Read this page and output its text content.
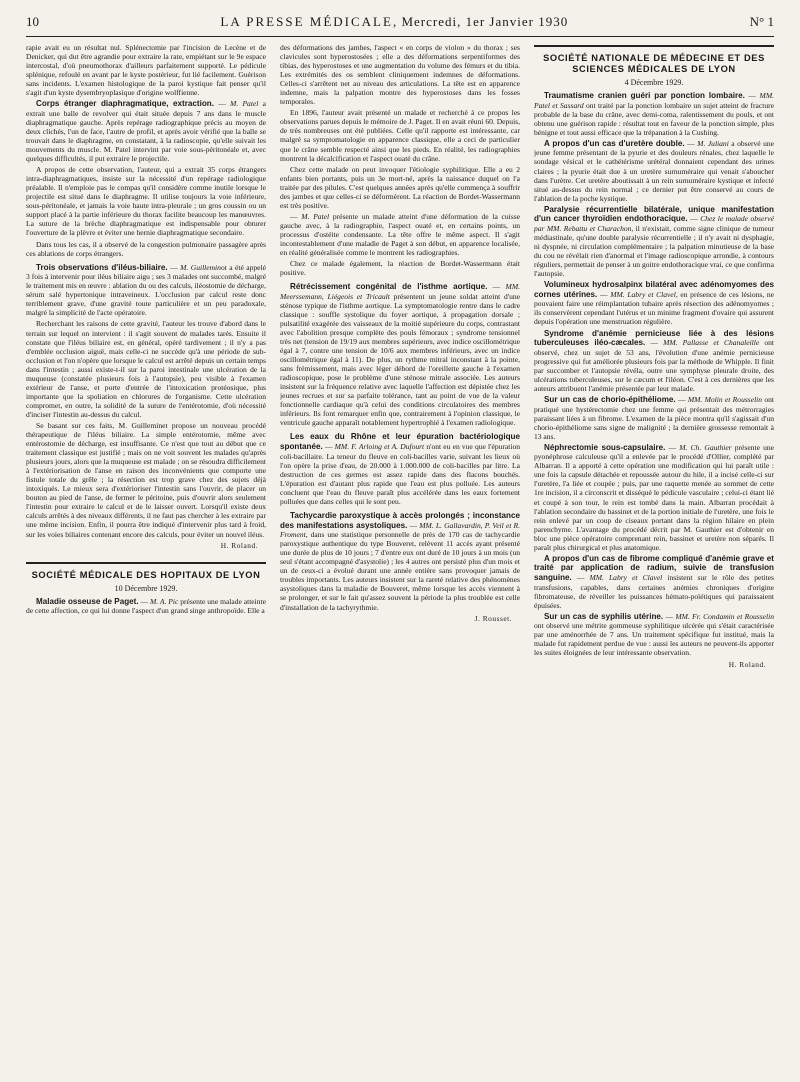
10	LA PRESSE MÉDICALE, Mercredi, 1er Janvier 1930	N° 1

rapie avait eu un résultat nul. Splénectomie par l'incision de Lecène et de Denicker, qui dut être agrandie pour extraire la rate, empiétant sur le 9e espace intercostal, d'où pneumothorax d'ailleurs parfaitement supporté. Le pédicule splénique, refoulé en avant par le kyste postérieur, fut lié facilement. Guérison sans incidents. L'examen histologique de la paroi kystique fait penser qu'il s'agit d'un kyste dysembryoplasique d'origine wolffienne.

Corps étranger diaphragmatique, extraction. — M. Patel a extrait une balle de revolver qui était située depuis 7 ans dans le muscle diaphragmatique gauche. Après repérage radiographique précis au moyen de deux clichés, l'un de face, l'autre de profil, et après avoir vérifié que la balle se trouvait dans le diaphragme, en constatant, à la radioscopie, qu'elle suivait les mouvements du muscle. M. Patel intervint par voie sous-péritonéale et, avec quelques difficultés, il put extraire le projectile.

A propos de cette observation, l'auteur, qui a extrait 35 corps étrangers intra-diaphragmatiques, insiste sur la nécessité d'un repérage radiologique préalable. Il n'emploie pas le compas qu'il considère comme inutile lorsque le projectile est situé dans le diaphragme. Il utilise toujours la voie inférieure, sous-péritonéale, et jamais la voie haute intra-pleurale ; un gros coussin ou un support placé à la partie inférieure du thorax facilite beaucoup les manœuvres. La suture de la brèche diaphragmatique est indispensable pour obturer l'ouverture de la plèvre et éviter une hernie diaphragmatique secondaire.

Dans tous les cas, il a observé de la congestion pulmonaire passagère après ces ablations de corps étrangers.

Trois observations d'iléus-biliaire. — M. Guilleminot a été appelé 3 fois à intervenir pour iléus biliaire aigu ; ses 3 malades ont succombé, malgré le traitement mis en œuvre : ablation du ou des calculs, iléostomie de décharge, sérum salé hypertonique intraveineux. L'occlusion par calcul reste donc terriblement grave, d'une gravité toute particulière et un peu paradoxale, malgré la simplicité de l'acte opératoire.

Recherchant les raisons de cette gravité, l'auteur les trouve d'abord dans le terrain sur lequel on intervient : il s'agit souvent de malades tarés. Ensuite il constate que l'iléus biliaire est, en général, opéré tardivement ; il n'y a pas d'emblée occlusion aiguë, mais celle-ci ne succède qu'à une période de sub-occlusion et l'on n'opère que lorsque le calcul est arrêté depuis un certain temps dans l'intestin ; aussi existe-t-il sur la paroi intestinale une ulcération de la muqueuse (constatée plusieurs fois à l'autopsie), peu visible à l'examen extérieur de l'anse, et porte d'entrée de l'intoxication protéosique, plus importante que la spoliation en chlorures de l'organisme. Cette ulcération compromet, en outre, la solidité de la suture de l'entérotomie, d'où nécessité d'inciser l'intestin au-dessus du calcul.

Se basant sur ces faits, M. Guilleminet propose un nouveau procédé thérapeutique de l'iléus biliaire. La simple entérotomie, même avec entérostomie de décharge, est insuffisante. Ce n'est que tout au début que ce traitement classique est justifié ; mais on ne voit souvent les malades qu'après plusieurs jours, alors que la muqueuse est malade ; on se résoudra difficilement à l'extériorisation de l'anse en raison des inconvénients que comporte une fistule totale du grêle ; la résection est trop grave chez des sujets déjà intoxiqués. Le mieux sera d'extérioriser l'intestin sans l'ouvrir, de placer un bouton au pied de l'anse, de fermer le péritoine, puis d'ouvrir alors seulement l'intestin pour extraire le calcul et de le laisser ouvert. Lorsqu'il existe deux calculs arrêtés à des niveaux différents, il ne faut pas chercher à les extraire par une même incision. Enfin, il pourra être indiqué d'intervenir plus tard à froid, sur les voies biliaires contenant encore des calculs, pour éviter un nouvel iléus.

H. Roland.
SOCIÉTÉ MÉDICALE DES HOPITAUX DE LYON
10 Décembre 1929.

Maladie osseuse de Paget. — M. A. Pic présente une malade atteinte de cette affection, ce qui lui donne l'aspect d'un grand singe anthropoïde. Elle a

des déformations des jambes, l'aspect « en corps de violon » du thorax ; ses clavicules sont hyperostosées ; elle a des déformations serpentiformes des tibias, des hyperostoses et une augmentation du volume des fémurs et du tibia. Les extrémités des os semblent cliniquement indemnes de déformations. Celles-ci s'arrêtent net au niveau des articulations. La tête est en apparence indemne, mais la palpation montre des hyperostoses dans les fosses temporales.

En 1896, l'auteur avait présenté un malade et recherché à ce propos les observations parues depuis le mémoire de J. Paget. Il en avait réuni 60. Depuis, de très nombreuses ont été publiées. Celle qu'il rapporte est intéressante, car malgré sa symptomatologie en apparence classique, elle a ceci de particulier que le crâne semble respecté ainsi que les pieds. En réalité, les radiographies montrent la décalcification et l'aspect ouaté du crâne.

Chez cette malade on peut invoquer l'étiologie syphilitique. Elle a eu 2 enfants bien portants, puis un 3e mort-né, après la naissance duquel on l'a traitée par des pilules. C'est quelques années après qu'elle commença à souffrir des jambes et que celles-ci se déformèrent. La réaction de Bordet-Wassermann est très positive.

— M. Patel présente un malade atteint d'une déformation de la cuisse gauche avec, à la radiographie, l'aspect ouaté et, en certains points, un processus d'ostéite condensante. La tête offre le même aspect. Il s'agit incontestablement d'une maladie de Paget à son début, en apparence localisée, en réalité généralisée comme le montrent les radiographies.

Chez ce malade également, la réaction de Bordet-Wassermann était positive.

Rétrécissement congénital de l'isthme aortique. — MM. Meerssemann, Liégeois et Tricault présentent un jeune soldat atteint d'une sténose typique de l'isthme aortique. La symptomatologie rentre dans le cadre classique : souffle systolique du foyer aortique, à propagation dorsale ; pulsatilité exagérée des vaisseaux de la moitié supérieure du corps, contrastant avec l'abolition presque complète des pouls fémoraux ; syndrome tensionnel très net (tension de 19/19 aux membres supérieurs, avec indice oscillométrique égal à 7, contre une tension de 10/6 aux membres inférieurs, avec un indice oscillométrique égal à 11). De plus, un rythme mitral inconstant à la pointe, sans frémissement, mais avec léger débord de l'oreillette gauche à l'examen radioscopique, pose le problème d'une sténose mitrale associée. Les auteurs insistent sur la fréquence relative avec laquelle l'affection est dépistée chez les jeunes recrues et sur sa parfaite tolérance, tant au point de vue de la valeur fonctionnelle cardiaque qu'à celui des conditions circulatoires des membres inférieurs. Ils font remarquer enfin que, contrairement à l'opinion classique, le ventricule gauche apparaît notablement hypertrophié à l'examen radiologique.

Les eaux du Rhône et leur épuration bactériologique spontanée. — MM. F. Arloing et A. Dufourt n'ont eu en vue que l'épuration coli-bacillaire. La teneur du fleuve en coli-bacilles varie, suivant les lieux où l'on opère la prise d'eau, de 20.000 à 1.000.000 de coli-bacilles par litre. La destruction de ces germes est assez rapide dans des flacons bouchés. L'épuration est d'autant plus rapide que l'eau est plus polluée. Les auteurs concluent que l'eau du fleuve paraît plus accélérée dans les eaux fortement polluées que dans celles qui le sont peu.

Tachycardie paroxystique à accès prolongés ; inconstance des manifestations asystoliques. — MM. L. Gallavardin, P. Veil et R. Froment, dans une statistique personnelle de près de 170 cas de tachycardie paroxystique authentique du type Bouveret, relèvent 11 accès ayant présenté une durée de plus de 10 jours ; 7 d'entre eux ont duré de 10 jours à un mois (un seul s'étant accompagné d'asystolie) ; les 4 autres ont persisté plus d'un mois et un de ceux-ci a évolué durant une année entière sans provoquer jamais de troubles importants. Les auteurs insistent sur la rareté relative des phénomènes asystoliques dans la maladie de Bouveret, même lorsque les accès viennent à se prolonger, et sur le fait qu'assez souvent la période la plus troublée est celle d'installation de la tachyrythmie.

J. Rousset.
SOCIÉTÉ NATIONALE DE MÉDECINE ET DES SCIENCES MÉDICALES DE LYON
4 Décembre 1929.

Traumatisme cranien guéri par ponction lombaire. — MM. Patel et Sassard ont traité par la ponction lombaire un sujet atteint de fracture probable de la base du crâne, avec demi-coma, ralentissement du pouls, et ont obtenu une guérison rapide : résultat tout en faveur de la ponction simple, plus bénigne et tout aussi efficace que la trépanation à la Cushing.

A propos d'un cas d'uretère double. — M. Juliani a observé une jeune femme présentant de la pyurie et des douleurs rénales, chez laquelle le sondage vésical et le cathétérisme urétéral donnaient cependant des urines claires ; la pyurie était due à un uretère surnuméraire qui venait s'aboucher dans l'urètre. Cet uretère aboutissait à un rein surnuméraire kystique et infecté situé au-dessus du rein normal ; ce dernier put être conservé au cours de l'ablation de la poche kystique.

Paralysie récurrentielle bilatérale, unique manifestation d'un cancer thyroïdien endothoracique. — Chez le malade observé par MM. Rebattu et Charachon, il n'existait, comme signe clinique de tumeur médiastinale, qu'une double paralysie récurrentielle ; il n'y avait ni dysphagie, ni dyspnée, ni circulation complémentaire ; la palpation minutieuse de la base du cou ne révélait rien d'anormal et l'image radioscopique arrondie, à contours réguliers, permettait de penser à un goitre endothoracique vrai, ce que confirma l'autopsie.

Volumineux hydrosalpinx bilatéral avec adénomyomes des cornes utérines. — MM. Labry et Clavel, en présence de ces lésions, ne pouvaient faire une réimplantation tubaire après résection des adénomyomes ; ils conservèrent cependant l'utérus et un minime fragment d'ovaire qui assurent depuis l'opération une menstruation régulière.

Syndrome d'anémie pernicieuse liée à des lésions tuberculeuses iléo-cæcales. — MM. Pallasse et Chanaleille ont observé, chez un sujet de 53 ans, l'évolution d'une anémie pernicieuse progressive qui fut améliorée plusieurs fois par la méthode de Whipple. Il finit par succomber et l'autopsie révéla, outre une symphyse pleurale droite, des ulcérations tuberculeuses, sur le cæcum et l'iléon. C'est à ces dernières que les auteurs attribuent l'anémie présentée par leur malade.

Sur un cas de chorio-épithéliome. — MM. Molin et Rousselin ont pratiqué une hystérectomie chez une femme qui présentait des métrorragies paraissant liées à un fibrome. L'examen de la pièce montra qu'il s'agissait d'un chorio-épithéliome sans signe de malignité ; la dernière grossesse remontait à 13 ans.

Néphrectomie sous-capsulaire. — M. Ch. Gauthier présente une pyonéphrose calculeuse qu'il a enlevée par le procédé d'Ollier, complété par Albarran. Il a apporté à cette opération une modification qui lui paraît utile : une fois la capsule détachée et repoussée autour du hile, il a incisé celle-ci sur l'uretère, l'a liée et coupée ; puis, par une raquette menée au sommet de cette 1re incision, il a circonscrit et disséqué le pédicule vasculaire ; celui-ci étant lié et coupé à son tour, le rein est tombé dans la main. Albarran procédait à l'ablation secondaire du bassinet et de la portion initiale de l'uretère, une fois le rein enlevé par un coup de ciseaux portant dans la région hilaire en plein parenchyme. L'avantage du procédé décrit par M. Gauthier est d'obtenir en bloc une pièce opératoire comprenant rein, bassinet et uretère non séparés. Il paraît plus chirurgical et plus anatomique.

A propos d'un cas de fibrome compliqué d'anémie grave et traité par application de radium, suivie de transfusion sanguine. — MM. Labry et Clavel insistent sur le rôle des petites transfusions, capables, dans certaines anémies chroniques d'origine fibromateuse, de réveiller les puissances hémato-poïétiques qui paraissaient épuisées.

Sur un cas de syphilis utérine. — MM. Fr. Condamin et Rousselin ont observé une métrite gommeuse syphilitique ulcérée qui s'était caractérisée par une aménorrhée de 7 ans. Un traitement spécifique fut institué, mais la malade fut rapidement perdue de vue : aussi les auteurs ne peuvent-ils apporter les suites éloignées de leur intéressante observation.

H. Roland.
